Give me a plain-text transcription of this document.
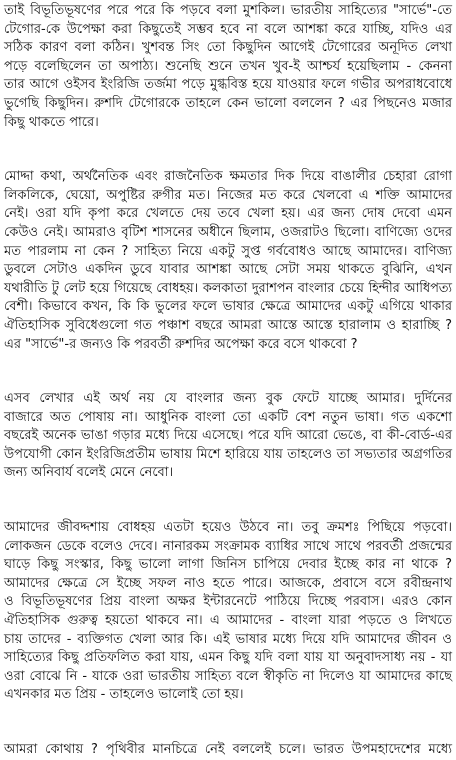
তাই বিভূতিভূষণের পরে পরে কি পড়বে বলা মুশকিল। ভারতীয় সাহিত্যের "সার্ভে"-তে
টেগোর-কে উপেক্ষা করা কিছুতেই সম্ভব হবে না বলে আশঙ্কা করে যাচ্ছি, যদিও এর
সঠিক কারণ বলা কঠিন। খুশবন্ত সিং তো কিছুদিন আগেই টেগোরের অনূদিত লেখা
পড়ে বলেছিলেন তা অপাঠ্য। শুনেছি শুনে তখন খুব-ই আশ্চর্য হয়েছিলাম - কেননা
তার আগে ওইসব ইংরিজি তর্জমা পড়ে মুগ্ধবিস্ত হয়ে যাওয়ার ফলে গভীর অপরাধবোধে
ভুগেছি কিছুদিন। রুশদি টেগোরকে তাহলে কেন ভালো বললেন ? এর পিছনেও মজার
কিছু থাকতে পারে।
মোদ্দা কথা, অর্থনৈতিক এবং রাজনৈতিক ক্ষমতার দিক দিয়ে বাঙালীর চেহারা রোগা
লিকলিকে, ঘেয়ো, অপুষ্টির রুগীর মত। নিজের মত করে খেলবো এ শক্তি আমাদের
নেই। ওরা যদি কৃপা করে খেলতে দেয় তবে খেলা হয়। এর জন্য দোষ দেবো এমন
কেউও নেই। আমরাও বৃটিশ শাসনের অধীনে ছিলাম, ওজরাটও ছিলো। বাণিজ্যে ওদের
মত পারলাম না কেন ? সাহিত্য নিয়ে একটু সুপ্ত গর্ববোধও আছে আমাদের। বাণিজ্য
ডুবলে সেটাও একদিন ডুবে যাবার আশঙ্কা আছে সেটা সময় থাকতে বুঝিনি, এখন
যথারীতি টু লেট হয়ে গিয়েছে বোধহয়। কলকাতা দুরাশপন বাংলার চেয়ে হিন্দীর আধিপত্য
বেশী। কিভাবে কখন, কি কি ভুলের ফলে ভাষার ক্ষেত্রে আমাদের একটু এগিয়ে থাকার
ঐতিহাসিক সুবিধেগুলো গত পঞ্চাশ বছরে আমরা আস্তে আস্তে হারালাম ও হারাচ্ছি ?
এর "সার্ভে"-র জন্যও কি পরবর্তী রুশদির অপেক্ষা করে বসে থাকবো ?
এসব লেখার এই অর্থ নয় যে বাংলার জন্য বুক ফেটে যাচ্ছে আমার। দুর্দিনের
বাজারে অত পোষায় না। আধুনিক বাংলা তো একটি বেশ নতুন ভাষা। গত একশো
বছরেই অনেক ভাঙা গড়ার মধ্যে দিয়ে এসেছে। পরে যদি আরো ভেঙে, বা কী-বোর্ড-এর
উপযোগী কোন ইংরিজিপ্রতীম ভাষায় মিশে হারিয়ে যায় তাহলেও তা সভ্যতার অগ্রগতির
জন্য অনিবার্য বলেই মেনে নেবো।
আমাদের জীবদ্দশায় বোধহয় এতটা হয়েও উঠবে না। তবু ক্রমশঃ পিছিয়ে পড়বো।
লোকজন ডেকে বলেও দেবে। নানারকম সংক্রামক ব্যাধির সাথে সাথে পরবর্তী প্রজন্মের
ঘাড়ে কিছু সংস্কার, কিছু ভালো লাগা জিনিস চাপিয়ে দেবার ইচ্ছে কার না থাকে ?
আমাদের ক্ষেত্রে সে ইচ্ছে সফল নাও হতে পারে। আজকে, প্রবাসে বসে রবীন্দ্রনাথ
ও বিভূতিভূষণের প্রিয় বাংলা অক্ষর ইন্টারনেটে পাঠিয়ে দিচ্ছে পরবাস। এরও কোন
ঐতিহাসিক গুরুত্ব হয়তো থাকবে না। এ আমাদের - বাংলা যারা পড়তে ও লিখতে
চায় তাদের - ব্যক্তিগত খেলা আর কি। এই ভাষার মধ্যে দিয়ে যদি আমাদের জীবন ও
সাহিত্যের কিছু প্রতিফলিত করা যায়, এমন কিছু যদি বলা যায় যা অনুবাদসাধ্য নয় - যা
ওরা বোঝে নি - যাকে ওরা ভারতীয় সাহিত্য বলে স্বীকৃতি না দিলেও যা আমাদের কাছে
এখনকার মত প্রিয় - তাহলেও ভালোই তো হয়।
আমরা কোথায় ? পৃথিবীর মানচিত্রে নেই বললেই চলে। ভারত উপমহাদেশের মধ্যে
